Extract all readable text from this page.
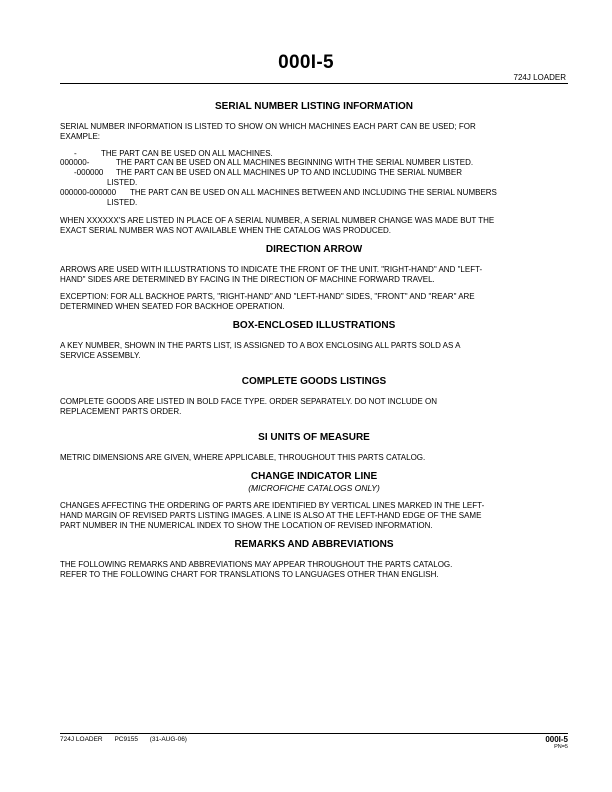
000I-5
724J LOADER
SERIAL NUMBER LISTING INFORMATION
SERIAL NUMBER INFORMATION IS LISTED TO SHOW ON WHICH MACHINES EACH PART CAN BE USED; FOR
EXAMPLE:
-	THE PART CAN BE USED ON ALL MACHINES.
000000-	THE PART CAN BE USED ON ALL MACHINES BEGINNING WITH THE SERIAL NUMBER LISTED.
-000000 THE PART CAN BE USED ON ALL MACHINES UP TO AND INCLUDING THE SERIAL NUMBER
LISTED.
000000-000000 THE PART CAN BE USED ON ALL MACHINES BETWEEN AND INCLUDING THE SERIAL NUMBERS
LISTED.
WHEN XXXXXX'S ARE LISTED IN PLACE OF A SERIAL NUMBER, A SERIAL NUMBER CHANGE WAS MADE BUT THE
EXACT SERIAL NUMBER WAS NOT AVAILABLE WHEN THE CATALOG WAS PRODUCED.
DIRECTION ARROW
ARROWS ARE USED WITH ILLUSTRATIONS TO INDICATE THE FRONT OF THE UNIT. "RIGHT-HAND" AND "LEFT-
HAND" SIDES ARE DETERMINED BY FACING IN THE DIRECTION OF MACHINE FORWARD TRAVEL.
EXCEPTION: FOR ALL BACKHOE PARTS, "RIGHT-HAND" AND "LEFT-HAND" SIDES, "FRONT" AND "REAR" ARE
DETERMINED WHEN SEATED FOR BACKHOE OPERATION.
BOX-ENCLOSED ILLUSTRATIONS
A KEY NUMBER, SHOWN IN THE PARTS LIST, IS ASSIGNED TO A BOX ENCLOSING ALL PARTS SOLD AS A
SERVICE ASSEMBLY.
COMPLETE GOODS LISTINGS
COMPLETE GOODS ARE LISTED IN BOLD FACE TYPE. ORDER SEPARATELY. DO NOT INCLUDE ON
REPLACEMENT PARTS ORDER.
SI UNITS OF MEASURE
METRIC DIMENSIONS ARE GIVEN, WHERE APPLICABLE, THROUGHOUT THIS PARTS CATALOG.
CHANGE INDICATOR LINE
(MICROFICHE CATALOGS ONLY)
CHANGES AFFECTING THE ORDERING OF PARTS ARE IDENTIFIED BY VERTICAL LINES MARKED IN THE LEFT-
HAND MARGIN OF REVISED PARTS LISTING IMAGES. A LINE IS ALSO AT THE LEFT-HAND EDGE OF THE SAME
PART NUMBER IN THE NUMERICAL INDEX TO SHOW THE LOCATION OF REVISED INFORMATION.
REMARKS AND ABBREVIATIONS
THE FOLLOWING REMARKS AND ABBREVIATIONS MAY APPEAR THROUGHOUT THE PARTS CATALOG.
REFER TO THE FOLLOWING CHART FOR TRANSLATIONS TO LANGUAGES OTHER THAN ENGLISH.
724J LOADER PC9155 (31-AUG-06)	000I-5
PN=5
